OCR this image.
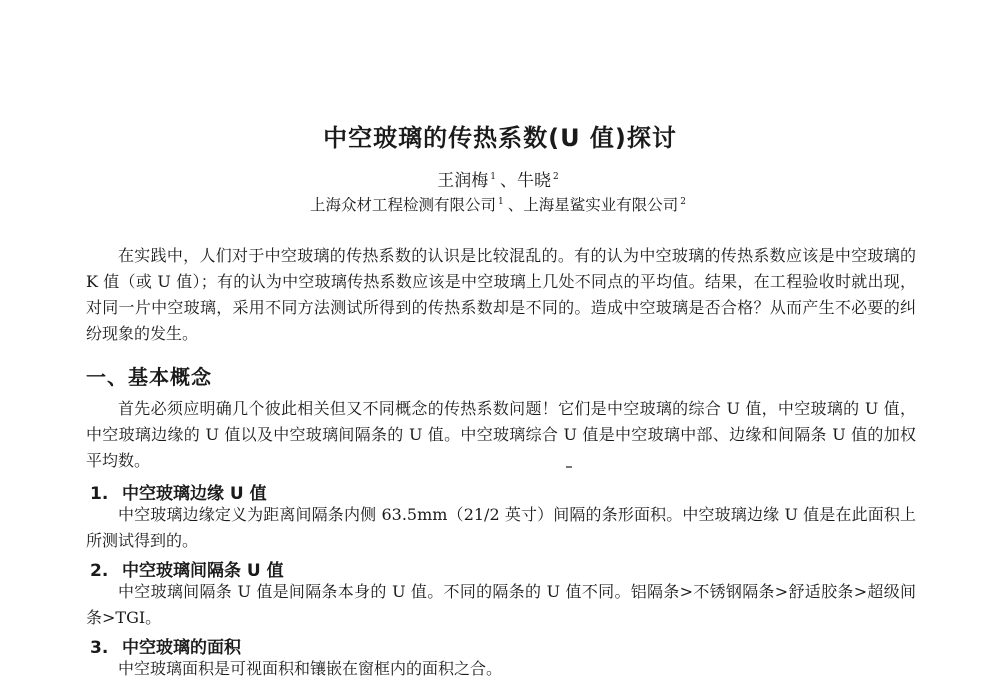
中空玻璃的传热系数(U 值)探讨
王润梅 $^1$ 、牛晓 $^2$
上海众材工程检测有限公司 $^1$ 、上海星鲨实业有限公司 $^2$

在实践中，人们对于中空玻璃的传热系数的认识是比较混乱的。有的认为中空玻璃的传热系数应该是中空玻璃的 K 值（或 U 值）；有的认为中空玻璃传热系数应该是中空玻璃上几处不同点的平均值。结果，在工程验收时就出现，对同一片中空玻璃，采用不同方法测试所得到的传热系数却是不同的。造成中空玻璃是否合格？从而产生不必要的纠纷现象的发生。

一、基本概念

首先必须应明确几个彼此相关但又不同概念的传热系数问题！它们是中空玻璃的综合 U 值，中空玻璃的 U 值，中空玻璃边缘的 U 值以及中空玻璃间隔条的 U 值。中空玻璃综合 U 值是中空玻璃中部、边缘和间隔条 U 值的加权平均数。

1. 中空玻璃边缘 U 值

中空玻璃边缘定义为距离间隔条内侧 63.5mm（21/2 英寸）间隔的条形面积。中空玻璃边缘 U 值是在此面积上所测试得到的。

2. 中空玻璃间隔条 U 值

中空玻璃间隔条 U 值是间隔条本身的 U 值。不同的隔条的 U 值不同。铝隔条>不锈钢隔条>舒适胶条>超级间条>TGI。

3. 中空玻璃的面积

中空玻璃面积是可视面积和镶嵌在窗框内的面积之合。
